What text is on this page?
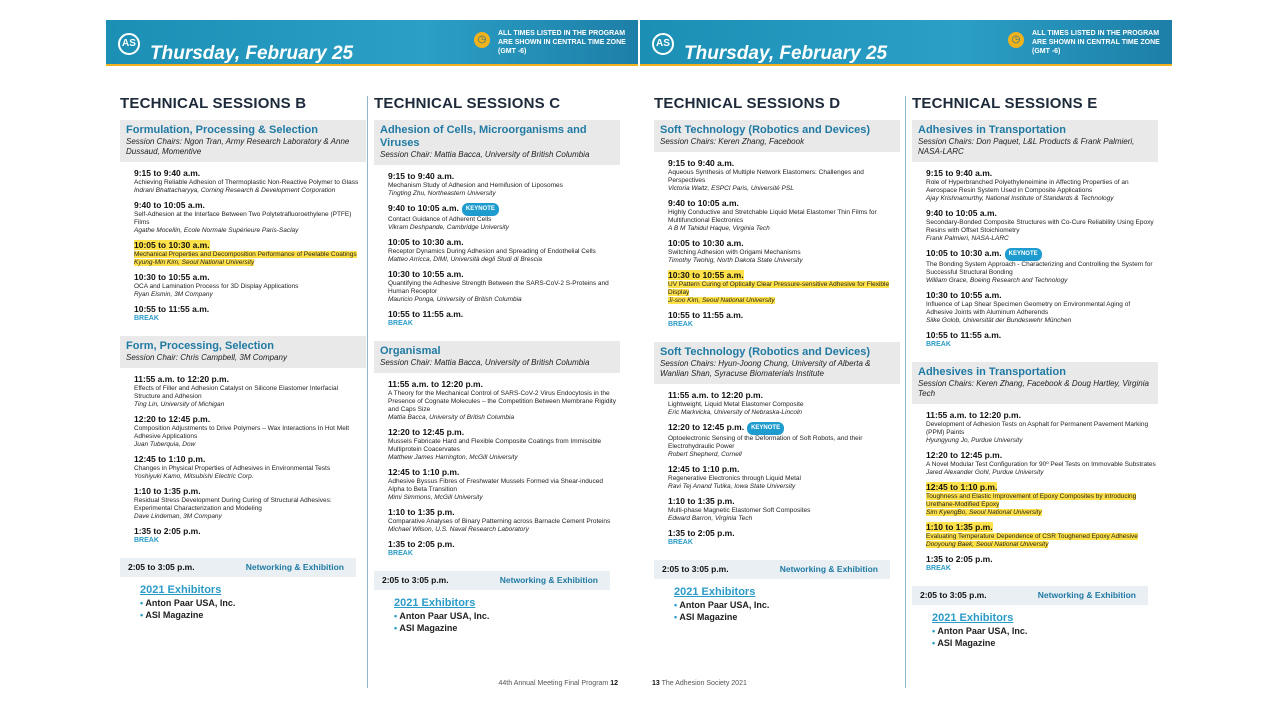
AS Thursday, February 25
◷
ALL TIMES LISTED IN THE PROGRAM ARE SHOWN IN CENTRAL TIME ZONE (GMT -6)
TECHNICAL SESSIONS B
Formulation, Processing & Selection
Session Chairs: Ngon Tran, Army Research Laboratory & Anne Dussaud, Momentive
9:15 to 9:40 a.m.
Achieving Reliable Adhesion of Thermoplastic Non-Reactive Polymer to Glass
Indrani Bhattacharyya, Corning Research & Development Corporation
9:40 to 10:05 a.m.
Self-Adhesion at the Interface Between Two Polytetrafluoroethylene (PTFE) Films
Agathe Mocellin, Ecole Normale Supérieure Paris-Saclay
10:05 to 10:30 a.m.
Mechanical Properties and Decomposition Performance of Peelable Coatings
Kyung-Min Kim, Seoul National University
10:30 to 10:55 a.m.
OCA and Lamination Process for 3D Display Applications
Ryan Eismin, 3M Company
10:55 to 11:55 a.m.
BREAK
Form, Processing, Selection
Session Chair: Chris Campbell, 3M Company
11:55 a.m. to 12:20 p.m.
Effects of Filler and Adhesion Catalyst on Silicone Elastomer Interfacial Structure and Adhesion
Ting Lin, University of Michigan
12:20 to 12:45 p.m.
Composition Adjustments to Drive Polymers – Wax Interactions In Hot Melt Adhesive Applications
Juan Tuberquia, Dow
12:45 to 1:10 p.m.
Changes in Physical Properties of Adhesives in Environmental Tests
Yoshiyuki Kamo, Mitsubishi Electric Corp.
1:10 to 1:35 p.m.
Residual Stress Development During Curing of Structural Adhesives: Experimental Characterization and Modeling
Dave Lindeman, 3M Company
1:35 to 2:05 p.m.
BREAK
2:05 to 3:05 p.m.	Networking & Exhibition
2021 Exhibitors
• Anton Paar USA, Inc.
• ASI Magazine
TECHNICAL SESSIONS C
Adhesion of Cells, Microorganisms and Viruses
Session Chair: Mattia Bacca, University of British Columbia
9:15 to 9:40 a.m.
Mechanism Study of Adhesion and Hemifusion of Liposomes
Tingting Zhu, Northeastern University
9:40 to 10:05 a.m. KEYNOTE
Contact Guidance of Adherent Cells
Vikram Deshpande, Cambridge University
10:05 to 10:30 a.m.
Receptor Dynamics During Adhesion and Spreading of Endothelial Cells
Matteo Arricca, DIMI, Università degli Studi di Brescia
10:30 to 10:55 a.m.
Quantifying the Adhesive Strength Between the SARS-CoV-2 S-Proteins and Human Receptor
Mauricio Ponga, University of British Columbia
10:55 to 11:55 a.m.
BREAK
Organismal
Session Chair: Mattia Bacca, University of British Columbia
11:55 a.m. to 12:20 p.m.
A Theory for the Mechanical Control of SARS-CoV-2 Virus Endocytosis in the Presence of Cognate Molecules – the Competition Between Membrane Rigidity and Caps Size
Mattia Bacca, University of British Columbia
12:20 to 12:45 p.m.
Mussels Fabricate Hard and Flexible Composite Coatings from Immiscible Multiprotein Coacervates
Matthew James Harrington, McGill University
12:45 to 1:10 p.m.
Adhesive Byssus Fibres of Freshwater Mussels Formed via Shear-induced Alpha to Beta Transition
Mimi Simmons, McGill University
1:10 to 1:35 p.m.
Comparative Analyses of Binary Patterning across Barnacle Cement Proteins
Michael Wilson, U.S. Naval Research Laboratory
1:35 to 2:05 p.m.
BREAK
2:05 to 3:05 p.m.	Networking & Exhibition
2021 Exhibitors
• Anton Paar USA, Inc.
• ASI Magazine
44th Annual Meeting Final Program 12
AS Thursday, February 25
◷
ALL TIMES LISTED IN THE PROGRAM ARE SHOWN IN CENTRAL TIME ZONE (GMT -6)
TECHNICAL SESSIONS D
Soft Technology (Robotics and Devices)
Session Chairs: Keren Zhang, Facebook
9:15 to 9:40 a.m.
Aqueous Synthesis of Multiple Network Elastomers: Challenges and Perspectives
Victoria Waltz, ESPCI Paris, Université PSL
9:40 to 10:05 a.m.
Highly Conductive and Stretchable Liquid Metal Elastomer Thin Films for Multifunctional Electronics
A B M Tahidul Haque, Virginia Tech
10:05 to 10:30 a.m.
Switching Adhesion with Origami Mechanisms
Timothy Twohig, North Dakota State University
10:30 to 10:55 a.m.
UV Pattern Curing of Optically Clear Pressure-sensitive Adhesive for Flexible Display
Ji-soo Kim, Seoul National University
10:55 to 11:55 a.m.
BREAK
Soft Technology (Robotics and Devices)
Session Chairs: Hyun-Joong Chung, University of Alberta & Wanlian Shan, Syracuse Biomaterials Institute
11:55 a.m. to 12:20 p.m.
Lightweight, Liquid Metal Elastomer Composite
Eric Markvicka, University of Nebraska-Lincoln
12:20 to 12:45 p.m. KEYNOTE
Optoelectronic Sensing of the Deformation of Soft Robots, and their Electrohydraulic Power
Robert Shepherd, Cornell
12:45 to 1:10 p.m.
Regenerative Electronics through Liquid Metal
Ravi Tej Anand Tutika, Iowa State University
1:10 to 1:35 p.m.
Multi-phase Magnetic Elastomer Soft Composites
Edward Barron, Virginia Tech
1:35 to 2:05 p.m.
BREAK
2:05 to 3:05 p.m.	Networking & Exhibition
2021 Exhibitors
• Anton Paar USA, Inc.
• ASI Magazine
TECHNICAL SESSIONS E
Adhesives in Transportation
Session Chairs: Don Paquet, L&L Products & Frank Palmieri, NASA-LARC
9:15 to 9:40 a.m.
Role of Hyperbranched Polyethyleneimine in Affecting Properties of an Aerospace Resin System Used in Composite Applications
Ajay Krishnamurthy, National Institute of Standards & Technology
9:40 to 10:05 a.m.
Secondary-Bonded Composite Structures with Co-Cure Reliability Using Epoxy Resins with Offset Stoichiometry
Frank Palmieri, NASA-LARC
10:05 to 10:30 a.m. KEYNOTE
The Bonding System Approach - Characterizing and Controlling the System for Successful Structural Bonding
William Grace, Boeing Research and Technology
10:30 to 10:55 a.m.
Influence of Lap Shear Specimen Geometry on Environmental Aging of Adhesive Joints with Aluminum Adherends
Silke Golob, Universität der Bundeswehr München
10:55 to 11:55 a.m.
BREAK
Adhesives in Transportation
Session Chairs: Keren Zhang, Facebook & Doug Hartley, Virginia Tech
11:55 a.m. to 12:20 p.m.
Development of Adhesion Tests on Asphalt for Permanent Pavement Marking (PPM) Paints
Hyungyung Jo, Purdue University
12:20 to 12:45 p.m.
A Novel Modular Test Configuration for 90º Peel Tests on Immovable Substrates
Jared Alexander Gohl, Purdue University
12:45 to 1:10 p.m.
Toughness and Elastic Improvement of Epoxy Composites by introducing Urethane-Modified Epoxy
Sim KyengBo, Seoul National University
1:10 to 1:35 p.m.
Evaluating Temperature Dependence of CSR Toughened Epoxy Adhesive
Dooyoung Baek, Seoul National University
1:35 to 2:05 p.m.
BREAK
2:05 to 3:05 p.m.	Networking & Exhibition
2021 Exhibitors
• Anton Paar USA, Inc.
• ASI Magazine
13 The Adhesion Society 2021
